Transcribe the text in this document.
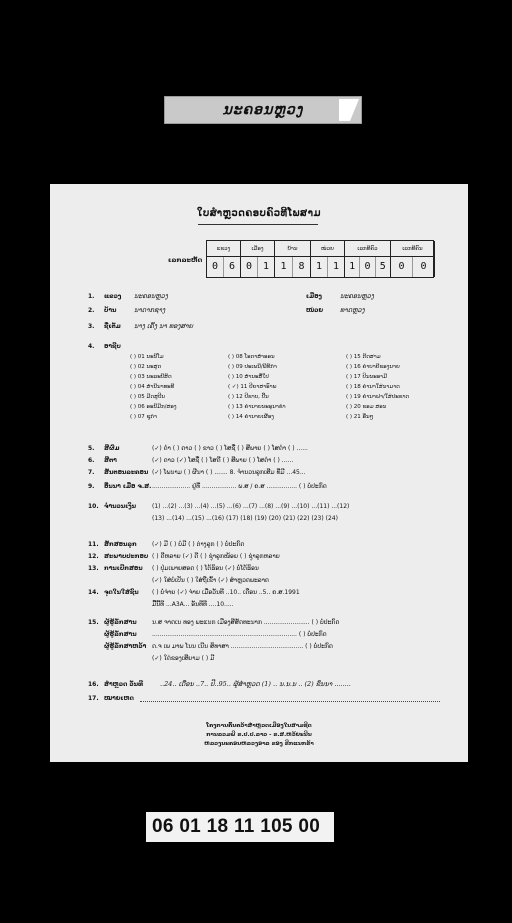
ນະຄອນຫຼວງ
ໃບສຳຫຼວດຄອບຄົວທີໂພສາມ
ເລກລະຫັດ
ແຂວງ	ເມືອງ	ບ້ານ	ໜ່ວຍ	ເລກທີຄົວ	ເລກທີຄົນ
0	6	0	1	1	8	1	1	1 0 5	0	0
1.	ແຂວງ ນະຄອນຫຼວງ	ເມືອງ	ນະຄອນຫຼວງ
2.	ບ້ານ	ນາດາກຊາງ	ໜ່ວຍ	ທາດຫຼວງ
3.	ຊື່ເຕັມ ນາງ ເຄິ້ງ ນາ ທອງສາຍ
4.	ອາຊີບ
16. ສຳຫຼວດ ວັນທີ	..24.. ເດືອນ ..7.. ປີ..95.. ຜູ້ສຳຫຼວດ (1) .. ນ.ນ.ນ .. (2) ຂົ່ນນາ ........
17. ໝາຍເຫດ
ໂຄງການຄົ້ນຄວ້າສຳຫຼວດເມືອງໃນສາມຊີດ
ການລວມພີ ຂ.ປ.ປ.ລາວ - ຂ.ສ.ຫວ້ຍະນີນ
ຫລວງນະຄອນຫລວງອາລ ຂອງ ຂີກແນກຂ້າ
( ) 01 ນະນີໂມ	( ) 08 ໂອດາສຳອອນ	( ) 15 ກີດສາມ
( ) 02 ນະສູດ	( ) 09 ປະເພນີ/ພີທີກຳ	( ) 16 ຄຳບາຍີຂອງນາຍ
( ) 03 ນະລະບີສິດ	( ) 10 ສຳນະສື່ໃປ	( ) 17 ປິນນະອາມີ
( ) 04 ສຳນີນາທະທີ	( ✓) 11 ປີຍາສາອົາພ	( ) 18 ຄຳນາໃສ່ນາມາດ
( ) 05 ມີດສູປີນ	( ) 12 ປີຂາບ, ປື້ນ	( ) 19 ຄຳນາຝາ/ໃສ່ປະຂາດ
( ) 06 ອະນີມີກ/ສອງ	( ) 13 ຄຳນາຍນະອຸນາຂໍາ	( ) 20 ຂອມ ສອນ
( ) 07 ຊູກຳ	( ) 14 ຄຳນາຍເຜືອງ	( ) 21 ອື່ນໆ
5.	ສີຜົມ	(✓) ດຳ ( ) ດາວ ( ) ຂາວ ( ) ໂສຊື່ ( ) ສີພາຍ ( ) ໂສດຳ ( ) ......
6.	ສີຕາ	(✓) ດາວ (✓) ໂສຊື່ ( ) ໂສດີ ( ) ສີພາຍ ( ) ໂສດຳ ( ) ......
7.	ສັນຕອນລະຄອນ (✓) ໂພນາມ ( ) ຜີນາ ( ) ....... 8. ຈຳນວນລູກເສີມ ທີ່ມີ ...45...
9.	ອີ່ນນາ ເມື່ອ ຈ.ສ. .................... ຢູ່ທີ່ .................. ພ.ສ / ຄ.ສ ................ ( ) ບໍ່ປະກົດ
10. ຈຳນວນເງິນ	(1) ...(2) ...(3) ...(4) ...(5) ...(6) ...(7) ...(8) ...(9) ...(10) ...(11) ...(12)
(13) ...(14) ...(15) ...(16) (17) (18) (19) (20) (21) (22) (23) (24)
11. ສັກສອນລູກ	(✓) ມີ ( ) ບໍ່ມີ ( ) ຕ່າງລູກ ( ) ບໍ່ປະກົດ
12. ສະພາບປະກອບ ( ) ດີຫລາຍ (✓) ດີ ( ) ຊຸ່າລູກໜ້ອຍ ( ) ຊຸ່າລູກຫລາຍ
13. ການເບີກສອນ ( ) ປຸ່ມເພາຍສອດ ( ) ໂຕ້ຮິອນ (✓) ບໍ່ໂຕ້ຮິອນ
(✓) ໃສ່ບໍ່ເປັນ ( ) ໃສ່ຖືເຂົ້າ (✓) ສຳຫຼວດພະລາດ
14. ຈຸດໃນໃສ່ຊົນ ( ) ບໍ່ຈ່າຍ (✓) ຈ່າຍ ເມື່ອວັນທີ ..10.. ເດືອນ ..5.. ຄ.ສ.1991
ມື້ນີ້ທີ ...A3A... ອັນທີທີ ....10.....
15. ຜູ້ຮູ້ລັກສານ	ນ.ສ ຈາດເນ ທອງ ພະແນກ ເມືອງສີສັດທະນາກ ........................ ( ) ບໍ່ປະກົດ
ຜູ້ຮູ້ລັກສານ	............................................................................ ( ) ບໍ່ປະກົດ
ຜູ້ຮູ້ລັກສາຫວ້າ ດ.ຈ ເພ ມາພ ໂນນ ເນີນ ສິທາສາ ...................................... ( ) ບໍ່ປະກົດ
(✓) ໃດ່ຂອງເສີຍາມ ( ) ມີ
06 01 18 11 105 00
